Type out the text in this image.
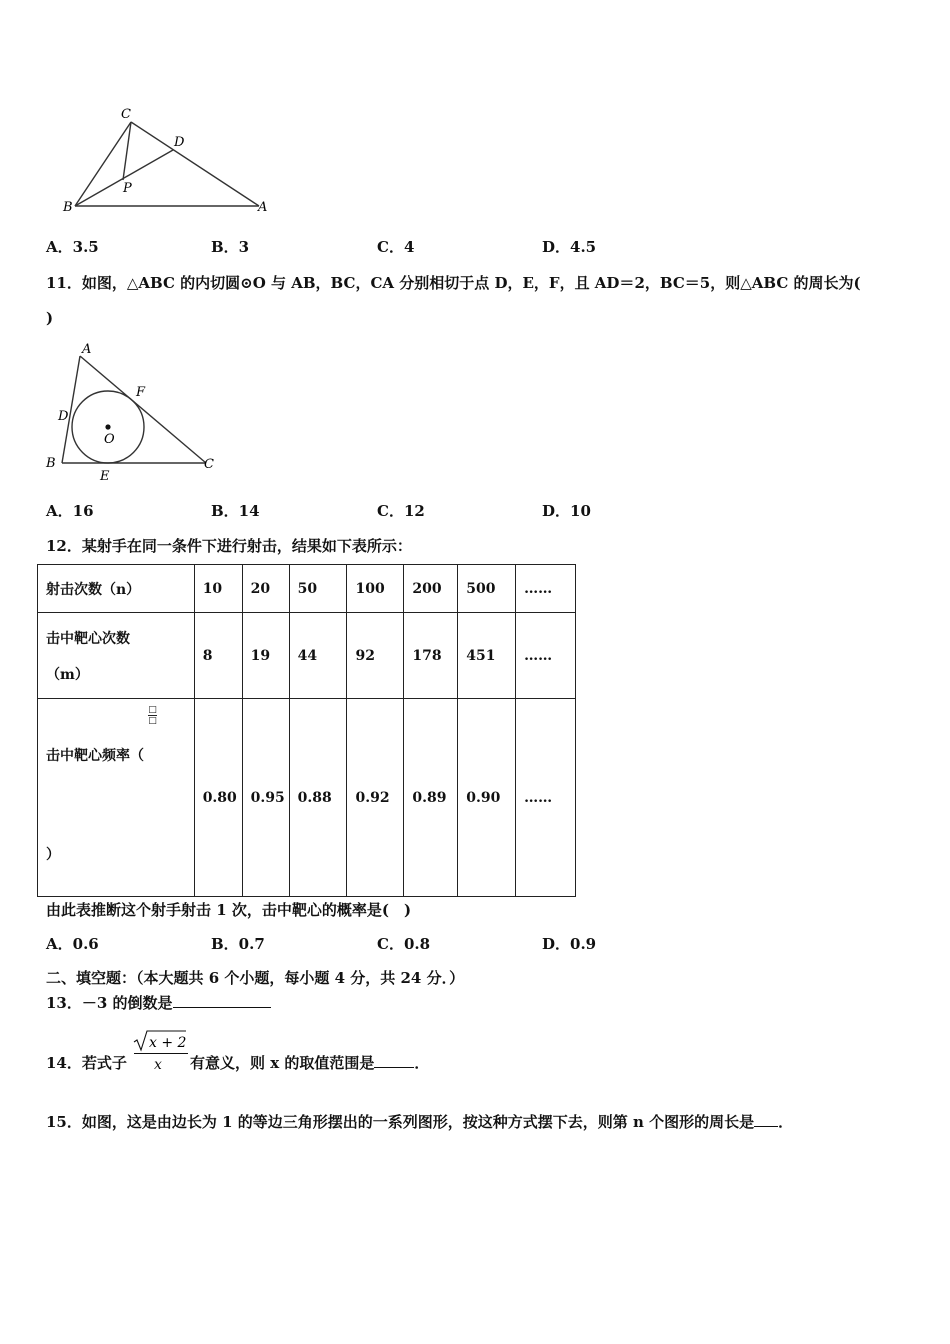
C
D
P
B	A
A．3.5	B．3	C．4	D．4.5
11．如图，△ABC 的内切圆⊙O 与 AB，BC，CA 分别相切于点 D，E，F，且 AD＝2，BC＝5，则△ABC 的周长为(
)
A
F
D
O
B
E
C
A．16	B．14	C．12	D．10
12．某射手在同一条件下进行射击，结果如下表所示：
射击次数（n）	10	20	50	100	200	500	……

击中靶心次数
（m）	8	19	44	92	178	451	……

击中靶心频率（
$\frac{□}{□}$
）	0.80	0.95	0.88	0.92	0.89	0.90	……
由此表推断这个射手射击 1 次，击中靶心的概率是(　)
A．0.6	B．0.7	C．0.8	D．0.9
二、填空题：（本大题共 6 个小题，每小题 4 分，共 24 分．）
13．－3 的倒数是
14．若式子
x + 2
x 有意义，则 x 的取值范围是	．
15．如图，这是由边长为 1 的等边三角形摆出的一系列图形，按这种方式摆下去，则第 n 个图形的周长是 ．
